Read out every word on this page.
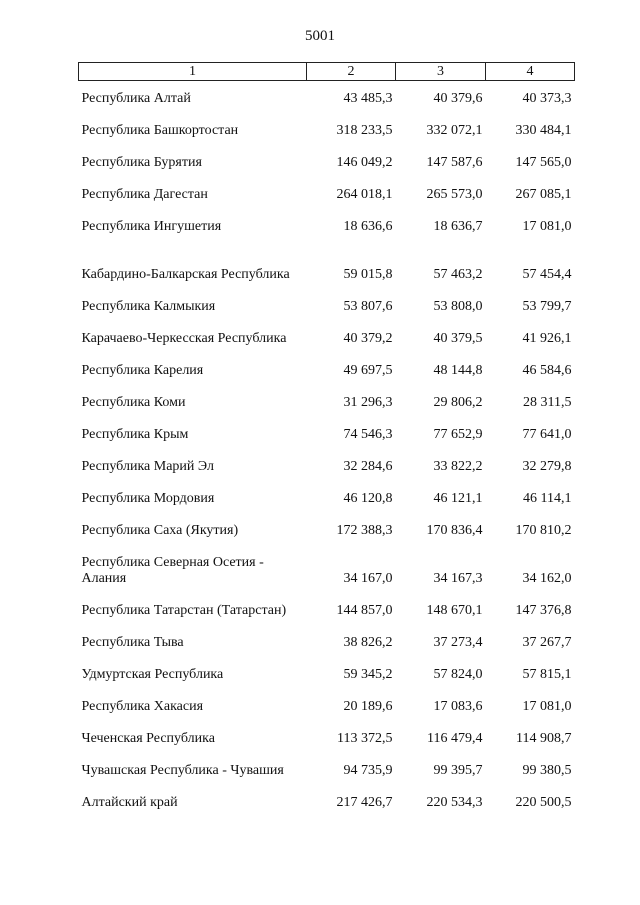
5001
1	2	3	4
Республика Алтай	43 485,3	40 379,6	40 373,3
Республика Башкортостан	318 233,5	332 072,1	330 484,1
Республика Бурятия	146 049,2	147 587,6	147 565,0
Республика Дагестан	264 018,1	265 573,0	267 085,1
Республика Ингушетия	18 636,6	18 636,7	17 081,0
Кабардино-Балкарская Республика	59 015,8	57 463,2	57 454,4
Республика Калмыкия	53 807,6	53 808,0	53 799,7
Карачаево-Черкесская Республика	40 379,2	40 379,5	41 926,1
Республика Карелия	49 697,5	48 144,8	46 584,6
Республика Коми	31 296,3	29 806,2	28 311,5
Республика Крым	74 546,3	77 652,9	77 641,0
Республика Марий Эл	32 284,6	33 822,2	32 279,8
Республика Мордовия	46 120,8	46 121,1	46 114,1
Республика Саха (Якутия)	172 388,3	170 836,4	170 810,2
Республика Северная Осетия - Алания	34 167,0	34 167,3	34 162,0
Республика Татарстан (Татарстан)	144 857,0	148 670,1	147 376,8
Республика Тыва	38 826,2	37 273,4	37 267,7
Удмуртская Республика	59 345,2	57 824,0	57 815,1
Республика Хакасия	20 189,6	17 083,6	17 081,0
Чеченская Республика	113 372,5	116 479,4	114 908,7
Чувашская Республика - Чувашия	94 735,9	99 395,7	99 380,5
Алтайский край	217 426,7	220 534,3	220 500,5
